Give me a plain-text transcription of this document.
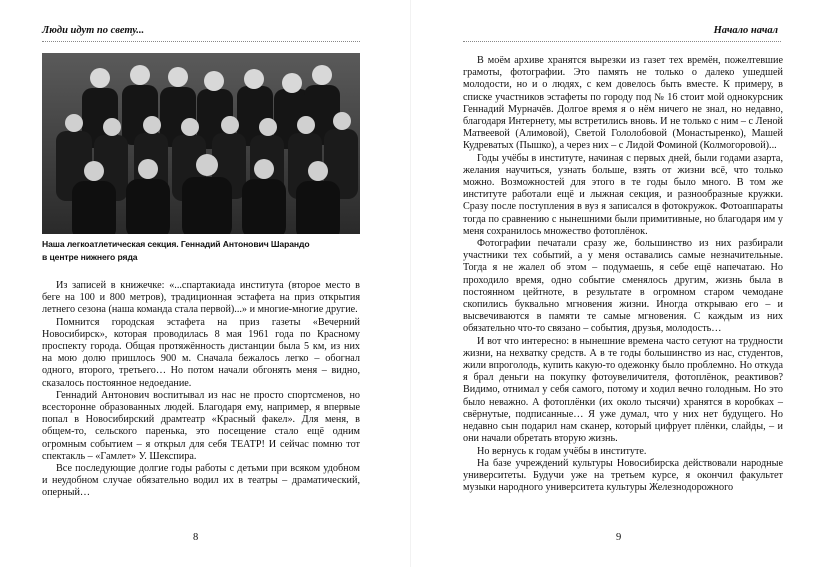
Люди идут по свету...
Наша легкоатлетическая секция. Геннадий Антонович Шарандо
в центре нижнего ряда

Из записей в книжечке: «...спартакиада института (второе место в беге на 100 и 800 метров), традиционная эстафета на приз открытия летнего сезона (наша команда стала первой)...» и многие-многие другие.

Помнится городская эстафета на приз газеты «Вечерний Новосибирск», которая проводилась 8 мая 1961 года по Красному проспекту города. Общая протяжённость дистанции была 5 км, из них на мою долю пришлось 900 м. Сначала бежалось легко – обогнал одного, второго, третьего… Но потом начали обгонять меня – видно, сказалось постоянное недоедание.

Геннадий Антонович воспитывал из нас не просто спортсменов, но всесторонне образованных людей. Благодаря ему, например, я впервые попал в Новосибирский драмтеатр «Красный факел». Для меня, в общем-то, сельского паренька, это посещение стало ещё одним огромным событием – я открыл для себя ТЕАТР! И сейчас помню тот спектакль – «Гамлет» У. Шекспира.

Все последующие долгие годы работы с детьми при всяком удобном и неудобном случае обязательно водил их в театры – драматический, оперный…

8
Начало начал

В моём архиве хранятся вырезки из газет тех времён, пожелтевшие грамоты, фотографии. Это память не только о далеко ушедшей молодости, но и о людях, с кем довелось быть вместе. К примеру, в списке участников эстафеты по городу под № 16 стоит мой однокурсник Геннадий Мурначёв. Долгое время я о нём ничего не знал, но недавно, благодаря Интернету, мы встретились вновь. И не только с ним – с Леной Матвеевой (Алимовой), Светой Гололобовой (Монастыренко), Машей Кудреватых (Пышко), а через них – с Лидой Фоминой (Колмогоровой)...

Годы учёбы в институте, начиная с первых дней, были годами азарта, желания научиться, узнать больше, взять от жизни всё, что только можно. Возможностей для этого в те годы было много. В том же институте работали ещё и лыжная секция, и разнообразные кружки. Сразу после поступления в вуз я записался в фотокружок. Фотоаппараты тогда по сравнению с нынешними были примитивные, но благодаря им у меня сохранилось множество фотоплёнок.

Фотографии печатали сразу же, большинство из них разбирали участники тех событий, а у меня оставались самые незначительные. Тогда я не жалел об этом – подумаешь, я себе ещё напечатаю. Но проходило время, одно событие сменялось другим, жизнь была в постоянном цейтноте, в результате в огромном старом чемодане скопились буквально мгновения жизни. Иногда открываю его – и высвечиваются в памяти те самые мгновения. С каждым из них обязательно что-то связано – события, друзья, молодость…

И вот что интересно: в нынешние времена часто сетуют на трудности жизни, на нехватку средств. А в те годы большинство из нас, студентов, жили впроголодь, купить какую-то одежонку было проблемно. Но откуда я брал деньги на покупку фотоувеличителя, фотоплёнок, реактивов? Видимо, отнимал у себя самого, потому и ходил вечно голодным. Но это было неважно. А фотоплёнки (их около тысячи) хранятся в коробках – свёрнутые, подписанные… Я уже думал, что у них нет будущего. Но недавно сын подарил нам сканер, который цифрует плёнки, слайды, – и они начали обретать вторую жизнь.

Но вернусь к годам учёбы в институте.

На базе учреждений культуры Новосибирска действовали народные университеты. Будучи уже на третьем курсе, я окончил факультет музыки народного университета культуры Железнодорожного

9
